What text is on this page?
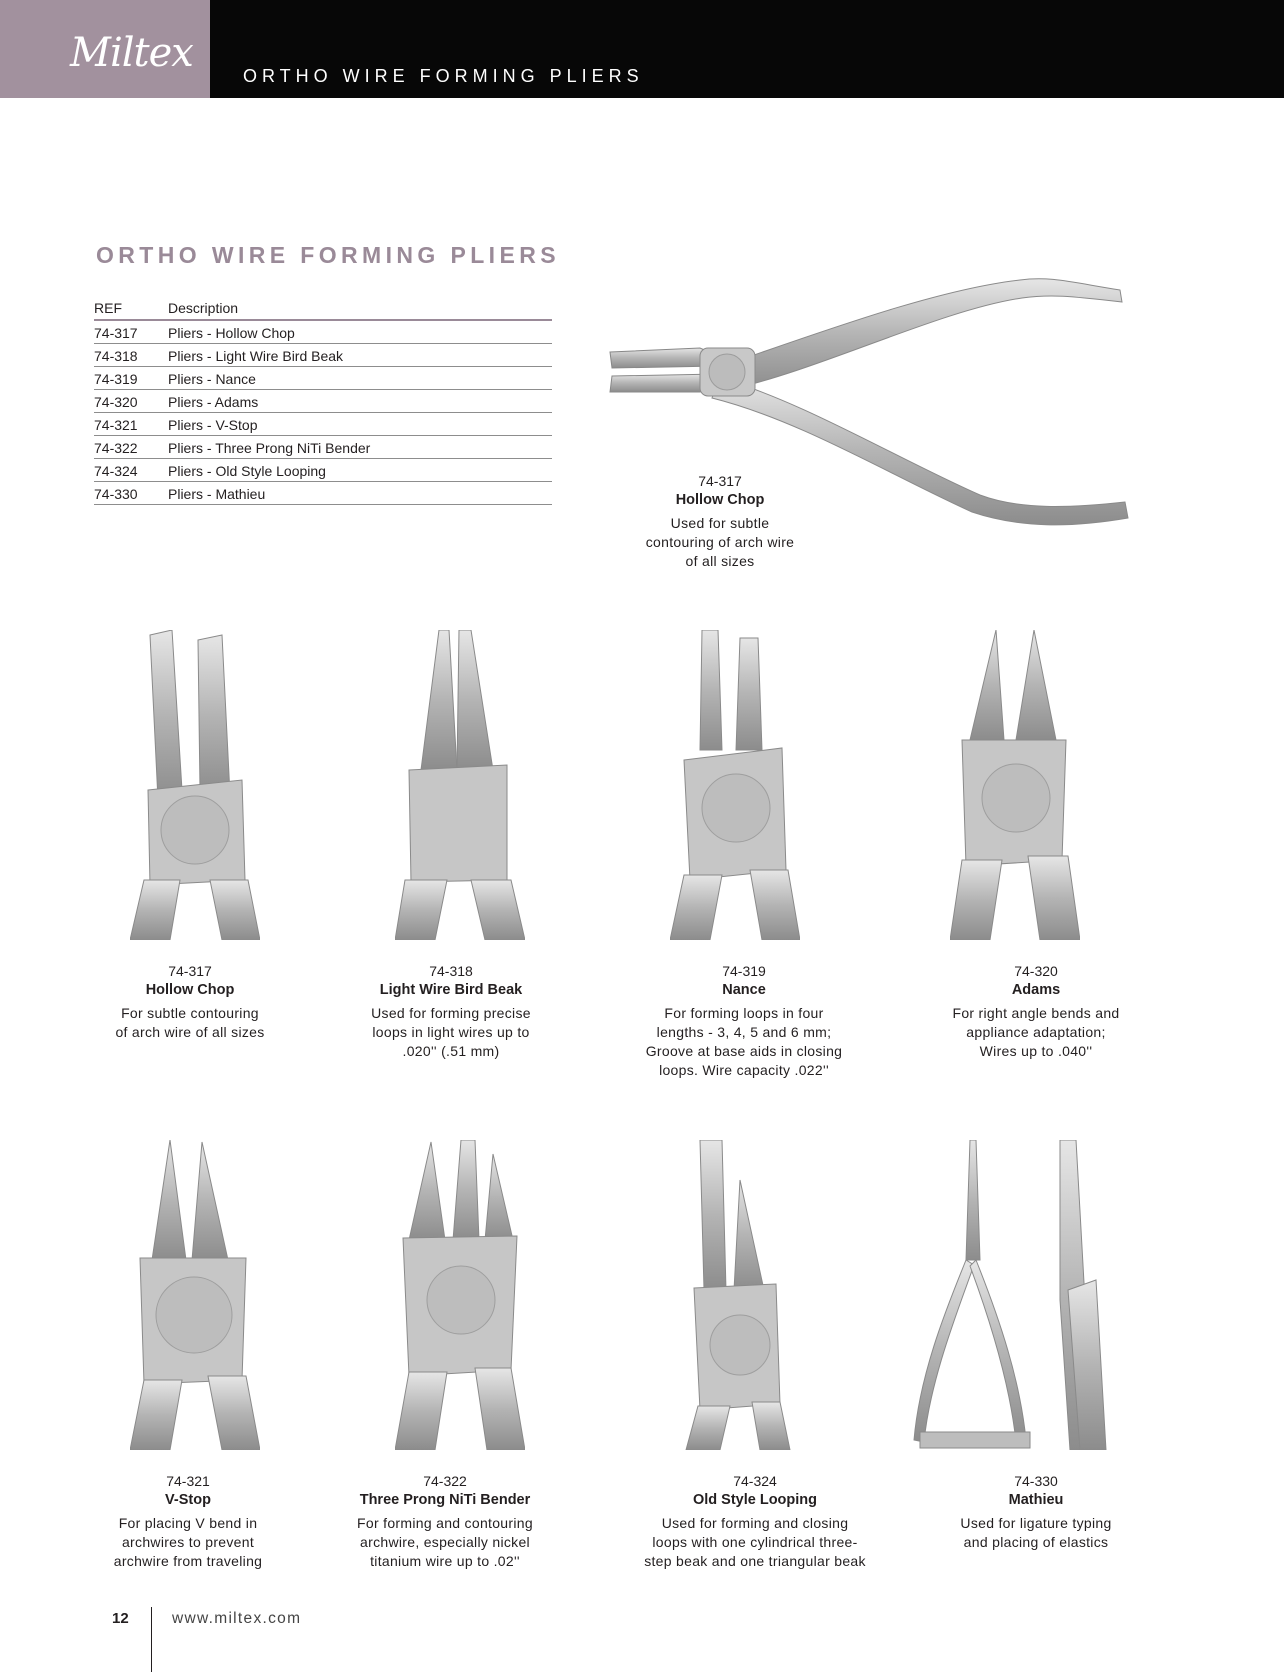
Miltex	ORTHO WIRE FORMING PLIERS
ORTHO WIRE FORMING PLIERS
REF	Description
74-317	Pliers - Hollow Chop
74-318	Pliers - Light Wire Bird Beak
74-319	Pliers - Nance
74-320	Pliers - Adams
74-321	Pliers - V-Stop
74-322	Pliers - Three Prong NiTi Bender
74-324	Pliers - Old Style Looping
74-330	Pliers - Mathieu
74-317
Hollow Chop
Used for subtle
contouring of arch wire
of all sizes
74-317
Hollow Chop
For subtle contouring
of arch wire of all sizes
74-318
Light Wire Bird Beak
Used for forming precise
loops in light wires up to
.020'' (.51 mm)
74-319
Nance
For forming loops in four
lengths - 3, 4, 5 and 6 mm;
Groove at base aids in closing
loops. Wire capacity .022''
74-320
Adams
For right angle bends and
appliance adaptation;
Wires up to .040''
74-321
V-Stop
For placing V bend in
archwires to prevent
archwire from traveling
74-322
Three Prong NiTi Bender
For forming and contouring
archwire, especially nickel
titanium wire up to .02''
74-324
Old Style Looping
Used for forming and closing
loops with one cylindrical three-
step beak and one triangular beak
74-330
Mathieu
Used for ligature typing
and placing of elastics
12	www.miltex.com
